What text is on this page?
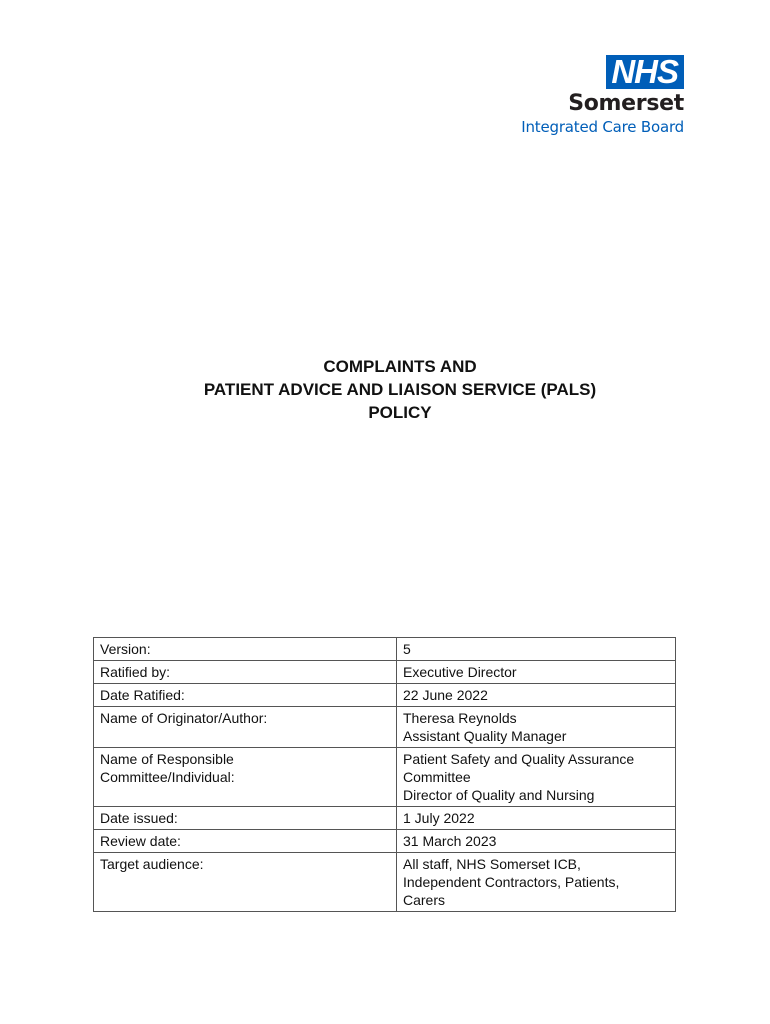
NHS
Somerset
Integrated Care Board
COMPLAINTS AND
PATIENT ADVICE AND LIAISON SERVICE (PALS)
POLICY
Version:	5

Ratified by:	Executive Director

Date Ratified:	22 June 2022

Name of Originator/Author:	Theresa Reynolds
Assistant Quality Manager

Name of Responsible
Committee/Individual:	Patient Safety and Quality Assurance
Committee
Director of Quality and Nursing

Date issued:	1 July 2022

Review date:	31 March 2023

Target audience:	All staff, NHS Somerset ICB,
Independent Contractors, Patients,
Carers
